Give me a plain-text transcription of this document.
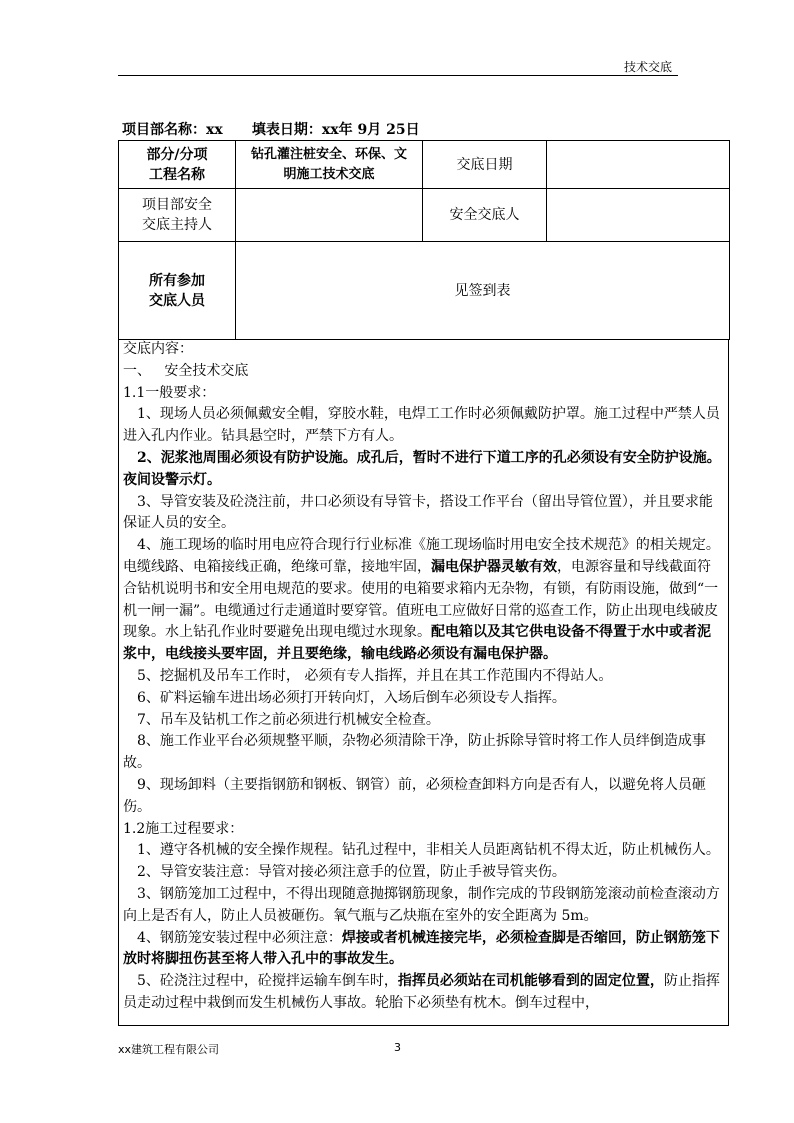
技术交底
项目部名称：xx      填表日期：xx年 9月 25日
部分/分项
工程名称	钻孔灌注桩安全、环保、文
明施工技术交底	交底日期	
项目部安全
交底主持人		安全交底人	
所有参加
交底人员	见签到表		

交底内容：

一、   安全技术交底

1.1一般要求：

1、现场人员必须佩戴安全帽，穿胶水鞋，电焊工工作时必须佩戴防护罩。施工过程中严禁人员进入孔内作业。钻具悬空时，严禁下方有人。

2、泥浆池周围必须设有防护设施。成孔后，暂时不进行下道工序的孔必须设有安全防护设施。夜间设警示灯。

3、导管安装及砼浇注前，井口必须设有导管卡，搭设工作平台（留出导管位置），并且要求能保证人员的安全。

4、施工现场的临时用电应符合现行行业标准《施工现场临时用电安全技术规范》的相关规定。电缆线路、电箱接线正确，绝缘可靠，接地牢固，漏电保护器灵敏有效，电源容量和导线截面符合钻机说明书和安全用电规范的要求。使用的电箱要求箱内无杂物，有锁，有防雨设施，做到“一机一闸一漏”。电缆通过行走通道时要穿管。值班电工应做好日常的巡查工作，防止出现电线破皮现象。水上钻孔作业时要避免出现电缆过水现象。配电箱以及其它供电设备不得置于水中或者泥浆中，电线接头要牢固，并且要绝缘，输电线路必须设有漏电保护器。

5、挖掘机及吊车工作时， 必须有专人指挥，并且在其工作范围内不得站人。

6、矿料运输车进出场必须打开转向灯，入场后倒车必须设专人指挥。

7、吊车及钻机工作之前必须进行机械安全检查。

8、施工作业平台必须规整平顺，杂物必须清除干净，防止拆除导管时将工作人员绊倒造成事故。

9、现场卸料（主要指钢筋和钢板、钢管）前，必须检查卸料方向是否有人，以避免将人员砸伤。

1.2施工过程要求：

1、遵守各机械的安全操作规程。钻孔过程中，非相关人员距离钻机不得太近，防止机械伤人。

2、导管安装注意：导管对接必须注意手的位置，防止手被导管夹伤。

3、钢筋笼加工过程中，不得出现随意抛掷钢筋现象，制作完成的节段钢筋笼滚动前检查滚动方向上是否有人，防止人员被砸伤。氧气瓶与乙炔瓶在室外的安全距离为 5m。

4、钢筋笼安装过程中必须注意：焊接或者机械连接完毕，必须检查脚是否缩回，防止钢筋笼下放时将脚扭伤甚至将人带入孔中的事故发生。

5、砼浇注过程中，砼搅拌运输车倒车时，指挥员必须站在司机能够看到的固定位置，防止指挥员走动过程中栽倒而发生机械伤人事故。轮胎下必须垫有枕木。倒车过程中，

xx建筑工程有限公司	3
